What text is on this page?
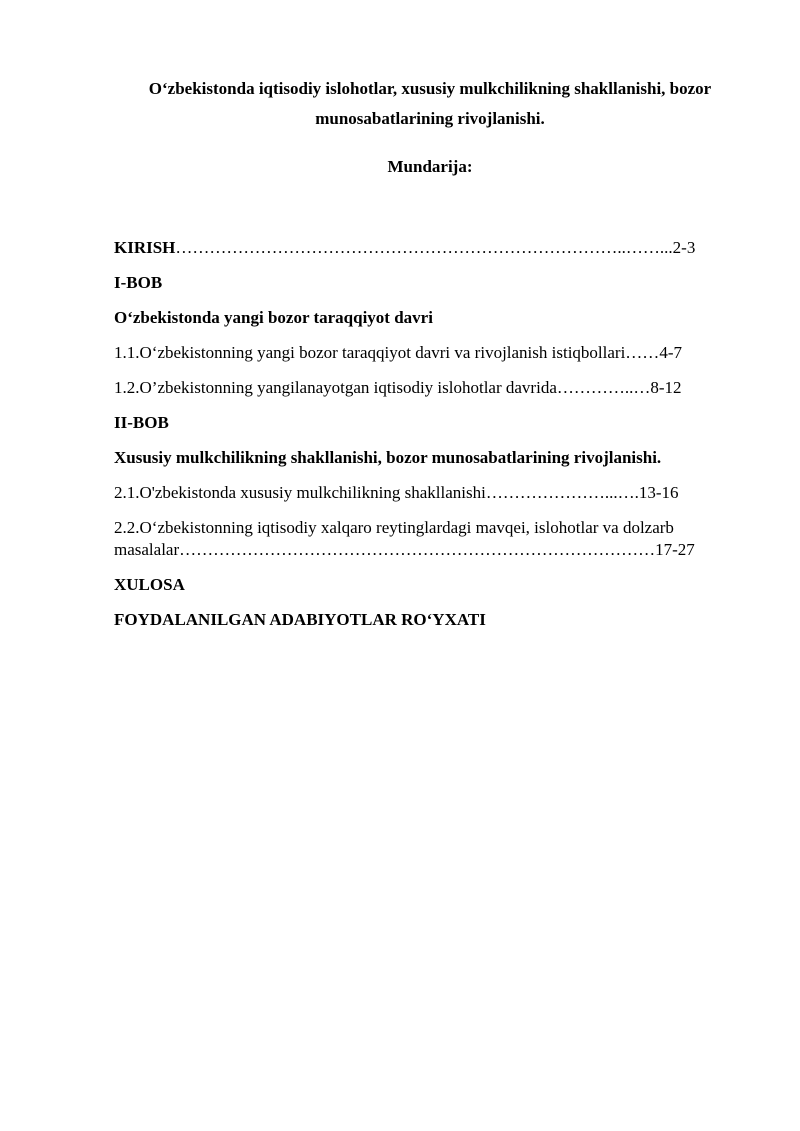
O‘zbekistonda iqtisodiy islohotlar, xususiy mulkchilikning shakllanishi, bozor
munosabatlarining rivojlanishi.
Mundarija:
KIRISH……………………………………………………………………..……...2-3
I-BOB
O‘zbekistonda yangi bozor taraqqiyot davri
1.1.O‘zbekistonning yangi bozor taraqqiyot davri va rivojlanish istiqbollari……4-7
1.2.O’zbekistonning yangilanayotgan iqtisodiy islohotlar davrida…………..…8-12
II-BOB
Xususiy mulkchilikning shakllanishi, bozor munosabatlarining rivojlanishi.
2.1.O'zbekistonda xususiy mulkchilikning shakllanishi…………………...….13-16
2.2.O‘zbekistonning iqtisodiy xalqaro reytinglardagi mavqei, islohotlar va dolzarb
masalalar…………………………………………………………………………17-27
XULOSA
FOYDALANILGAN ADABIYOTLAR RO‘YXATI
